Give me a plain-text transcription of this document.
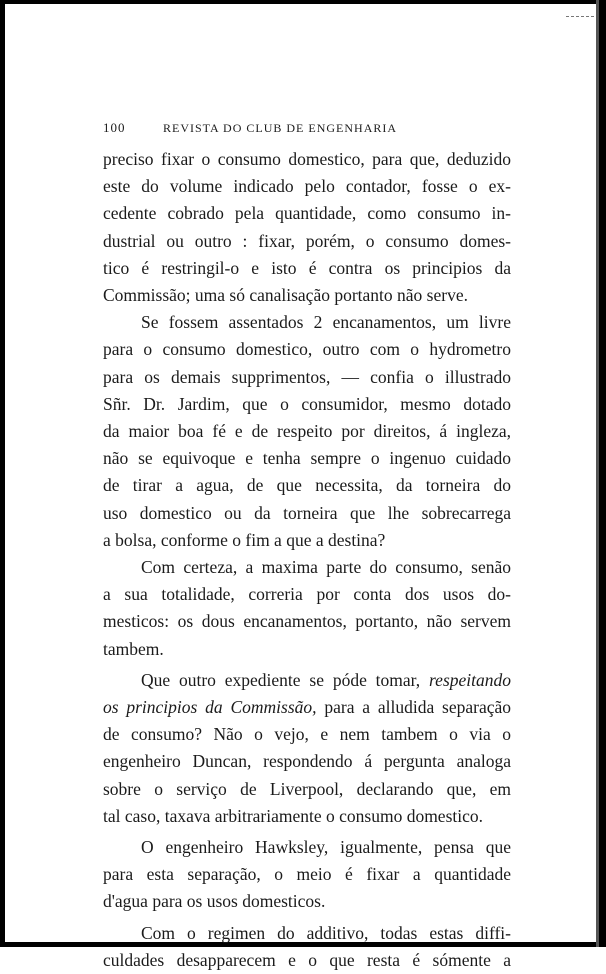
100	REVISTA DO CLUB DE ENGENHARIA

preciso fixar o consumo domestico, para que, deduzido
este do volume indicado pelo contador, fosse o ex-
cedente cobrado pela quantidade, como consumo in-
dustrial ou outro : fixar, porém, o consumo domes-
tico é restringil-o e isto é contra os principios da
Commissão; uma só canalisação portanto não serve.

Se fossem assentados 2 encanamentos, um livre
para o consumo domestico, outro com o hydrometro
para os demais supprimentos, — confia o illustrado
Sñr. Dr. Jardim, que o consumidor, mesmo dotado
da maior boa fé e de respeito por direitos, á ingleza,
não se equivoque e tenha sempre o ingenuo cuidado
de tirar a agua, de que necessita, da torneira do
uso domestico ou da torneira que lhe sobrecarrega
a bolsa, conforme o fim a que a destina?

Com certeza, a maxima parte do consumo, senão
a sua totalidade, correria por conta dos usos do-
mesticos: os dous encanamentos, portanto, não servem
tambem.

Que outro expediente se póde tomar, respeitando
os principios da Commissão, para a alludida separação
de consumo? Não o vejo, e nem tambem o via o
engenheiro Duncan, respondendo á pergunta analoga
sobre o serviço de Liverpool, declarando que, em
tal caso, taxava arbitrariamente o consumo domestico.

O engenheiro Hawksley, igualmente, pensa que
para esta separação, o meio é fixar a quantidade
d'agua para os usos domesticos.

Com o regimen do additivo, todas estas diffi-
culdades desapparecem e o que resta é sómente a
